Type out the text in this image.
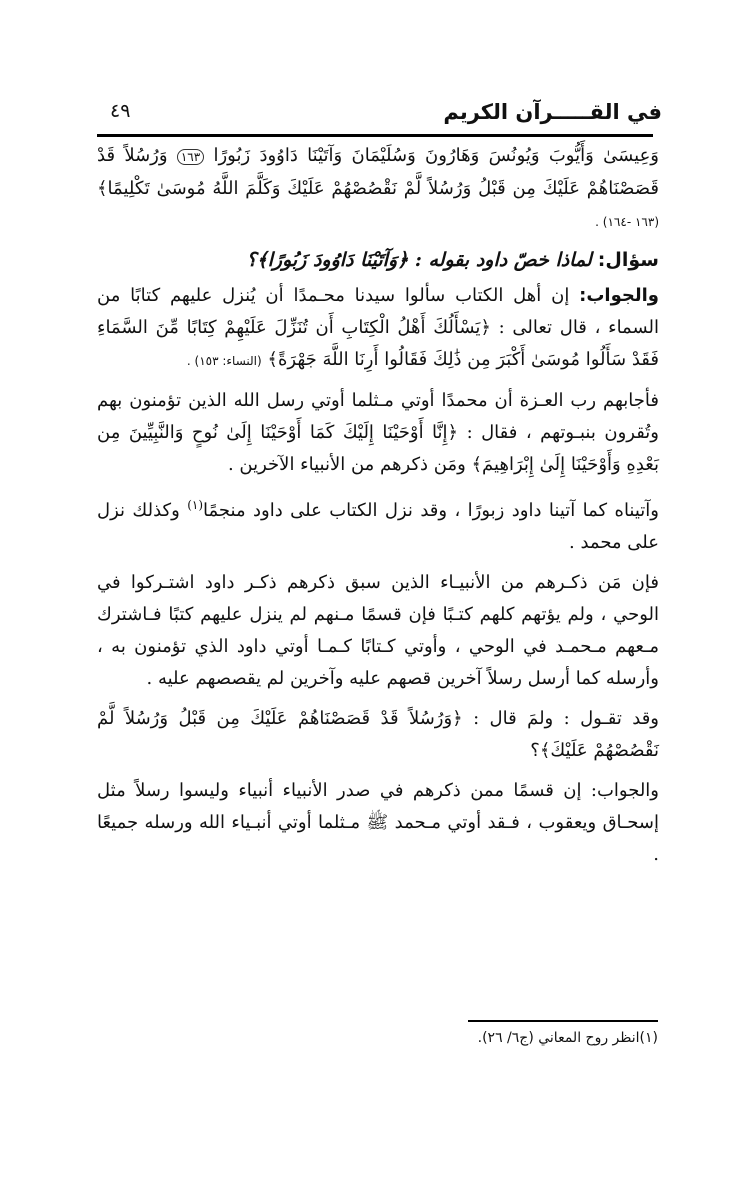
في القـــــرآن الكريم
٤٩

وَعِيسَىٰ وَأَيُّوبَ وَيُونُسَ وَهَارُونَ وَسُلَيْمَانَ وَآتَيْنَا دَاوُودَ زَبُورًا ١٦٣ وَرُسُلاً قَدْ قَصَصْنَاهُمْ عَلَيْكَ مِن قَبْلُ وَرُسُلاً لَّمْ نَقْصُصْهُمْ عَلَيْكَ وَكَلَّمَ اللَّهُ مُوسَىٰ تَكْلِيمًا﴾ (١٦٣ -١٦٤) .

سؤال: لماذا خصّ داود بقوله : ﴿وَآتَيْنَا دَاوُودَ زَبُورًا﴾؟

والجواب: إن أهل الكتاب سألوا سيدنا محـمدًا أن يُنزل عليهم كتابًا من السماء ، قال تعالى : ﴿يَسْأَلُكَ أَهْلُ الْكِتَابِ أَن تُنَزِّلَ عَلَيْهِمْ كِتَابًا مِّنَ السَّمَاءِ فَقَدْ سَأَلُوا مُوسَىٰ أَكْبَرَ مِن ذَٰلِكَ فَقَالُوا أَرِنَا اللَّهَ جَهْرَةً﴾ (النساء: ١٥٣) .

فأجابهم رب العـزة أن محمدًا أوتي مـثلما أوتي رسل الله الذين تؤمنون بهم وتُقرون بنبـوتهم ، فقال : ﴿إِنَّا أَوْحَيْنَا إِلَيْكَ كَمَا أَوْحَيْنَا إِلَىٰ نُوحٍ وَالنَّبِيِّينَ مِن بَعْدِهِ وَأَوْحَيْنَا إِلَىٰ إِبْرَاهِيمَ﴾ ومَن ذكرهم من الأنبياء الآخرين .

وآتيناه كما آتينا داود زبورًا ، وقد نزل الكتاب على داود منجمًا$^{(١)}$ وكذلك نزل على محمد .

فإن مَن ذكـرهم من الأنبيـاء الذين سبق ذكرهم ذكـر داود اشتـركوا في الوحي ، ولم يؤتهم كلهم كتـبًا فإن قسمًا مـنهم لم ينزل عليهم كتبًا فـاشترك مـعهم مـحمـد في الوحي ، وأوتي كـتابًا كـمـا أوتي داود الذي تؤمنون به ، وأرسله كما أرسل رسلاً آخرين قصهم عليه وآخرين لم يقصصهم عليه .

وقد تقـول : ولمَ قال : ﴿وَرُسُلاً قَدْ قَصَصْنَاهُمْ عَلَيْكَ مِن قَبْلُ وَرُسُلاً لَّمْ نَقْصُصْهُمْ عَلَيْكَ﴾؟

والجواب: إن قسمًا ممن ذكرهم في صدر الأنبياء أنبياء وليسوا رسلاً مثل إسحـاق ويعقوب ، فـقد أوتي مـحمد ﷺ مـثلما أوتي أنبـياء الله ورسله جميعًا .

(١)انظر روح المعاني (ج٦/ ٢٦).
